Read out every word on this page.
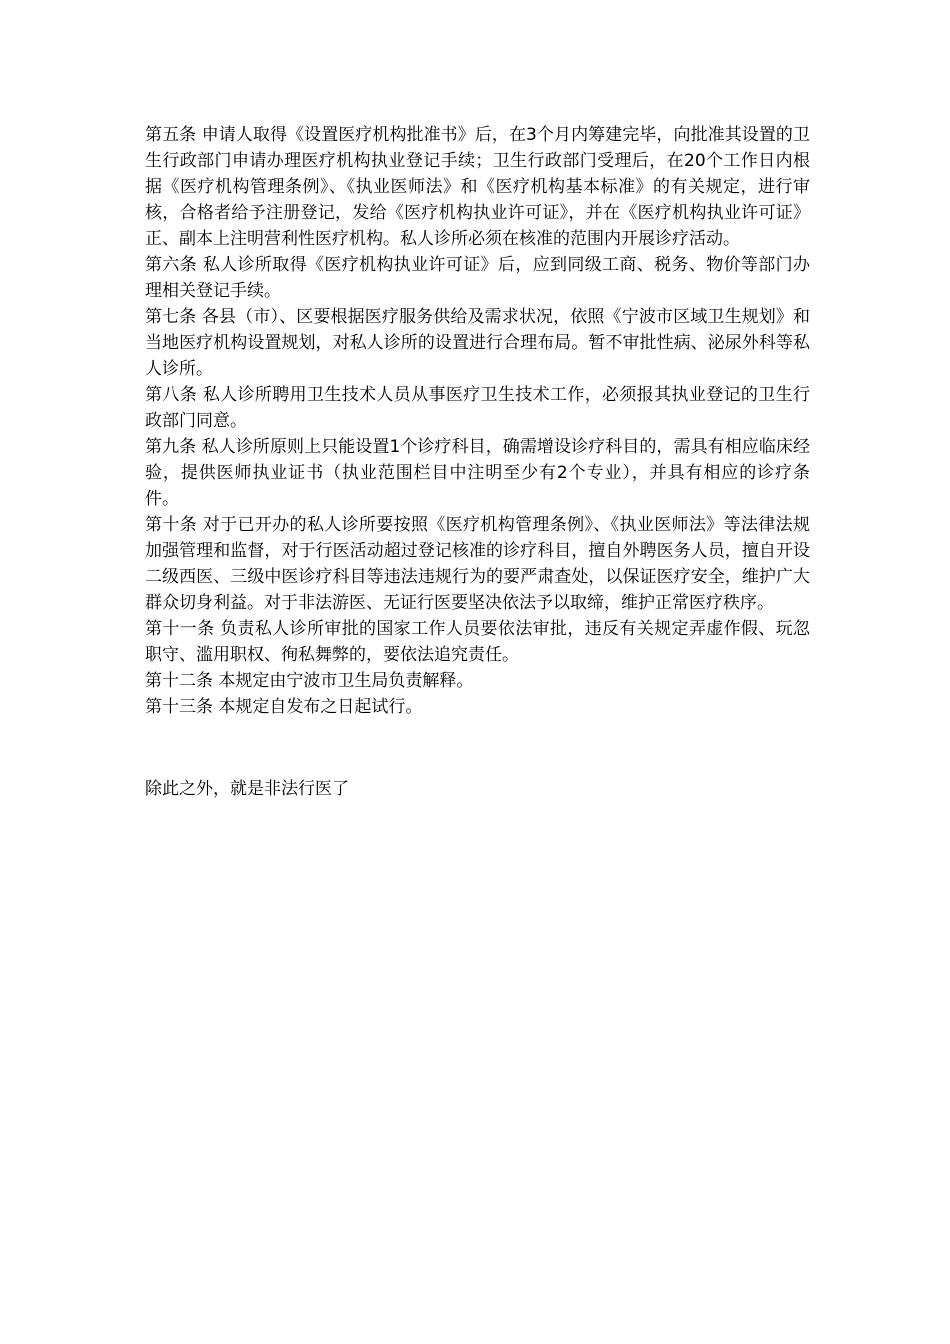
第五条 申请人取得《设置医疗机构批准书》后，在3个月内筹建完毕，向批准其设置的卫生行政部门申请办理医疗机构执业登记手续；卫生行政部门受理后，在20个工作日内根据《医疗机构管理条例》、《执业医师法》和《医疗机构基本标准》的有关规定，进行审核，合格者给予注册登记，发给《医疗机构执业许可证》，并在《医疗机构执业许可证》正、副本上注明营利性医疗机构。私人诊所必须在核准的范围内开展诊疗活动。

第六条 私人诊所取得《医疗机构执业许可证》后，应到同级工商、税务、物价等部门办理相关登记手续。

第七条 各县（市）、区要根据医疗服务供给及需求状况，依照《宁波市区域卫生规划》和当地医疗机构设置规划，对私人诊所的设置进行合理布局。暂不审批性病、泌尿外科等私人诊所。

第八条 私人诊所聘用卫生技术人员从事医疗卫生技术工作，必须报其执业登记的卫生行政部门同意。

第九条 私人诊所原则上只能设置1个诊疗科目，确需增设诊疗科目的，需具有相应临床经验，提供医师执业证书（执业范围栏目中注明至少有2个专业），并具有相应的诊疗条件。

第十条 对于已开办的私人诊所要按照《医疗机构管理条例》、《执业医师法》等法律法规加强管理和监督，对于行医活动超过登记核准的诊疗科目，擅自外聘医务人员，擅自开设二级西医、三级中医诊疗科目等违法违规行为的要严肃查处，以保证医疗安全，维护广大群众切身利益。对于非法游医、无证行医要坚决依法予以取缔，维护正常医疗秩序。

第十一条 负责私人诊所审批的国家工作人员要依法审批，违反有关规定弄虚作假、玩忽职守、滥用职权、徇私舞弊的，要依法追究责任。

第十二条 本规定由宁波市卫生局负责解释。

第十三条 本规定自发布之日起试行。

除此之外，就是非法行医了
